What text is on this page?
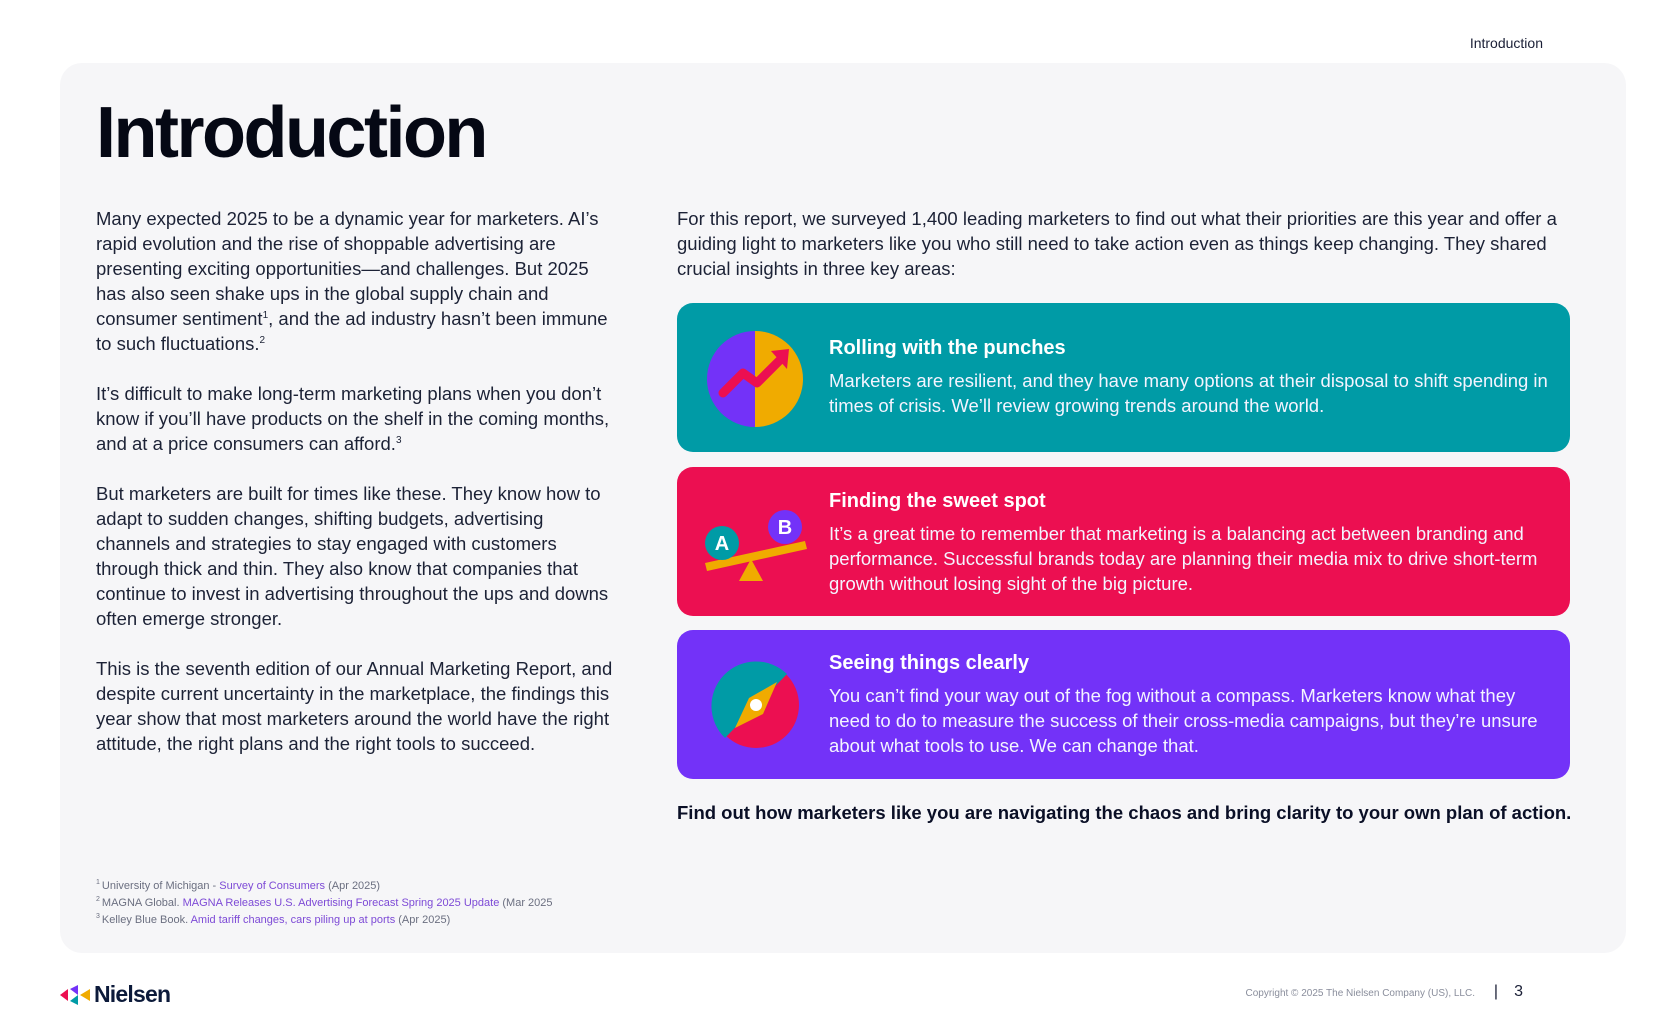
Introduction
Introduction

Many expected 2025 to be a dynamic year for marketers. AI’s rapid evolution and the rise of shoppable advertising are presenting exciting opportunities—and challenges. But 2025 has also seen shake ups in the global supply chain and consumer sentiment$^1$, and the ad industry hasn’t been immune to such fluctuations.$^2$

It’s difficult to make long-term marketing plans when you don’t know if you’ll have products on the shelf in the coming months, and at a price consumers can afford.$^3$

But marketers are built for times like these. They know how to adapt to sudden changes, shifting budgets, advertising channels and strategies to stay engaged with customers through thick and thin. They also know that companies that continue to invest in advertising throughout the ups and downs often emerge stronger.

This is the seventh edition of our Annual Marketing Report, and despite current uncertainty in the marketplace, the findings this year show that most marketers around the world have the right attitude, the right plans and the right tools to succeed.

For this report, we surveyed 1,400 leading marketers to find out what their priorities are this year and offer a guiding light to marketers like you who still need to take action even as things keep changing. They shared crucial insights in three key areas:
Rolling with the punches
Marketers are resilient, and they have many options at their disposal to shift spending in times of crisis. We’ll review growing trends around the world.
A
B
Finding the sweet spot
It’s a great time to remember that marketing is a balancing act between branding and performance. Successful brands today are planning their media mix to drive short-term growth without losing sight of the big picture.
Seeing things clearly
You can’t find your way out of the fog without a compass. Marketers know what they need to do to measure the success of their cross-media campaigns, but they’re unsure about what tools to use. We can change that.
Find out how marketers like you are navigating the chaos and bring clarity to your own plan of action.
$^1$ University of Michigan - Survey of Consumers (Apr 2025)
$^2$ MAGNA Global. MAGNA Releases U.S. Advertising Forecast Spring 2025 Update (Mar 2025
$^3$ Kelley Blue Book. Amid tariff changes, cars piling up at ports (Apr 2025)
Nielsen	Copyright © 2025 The Nielsen Company (US), LLC. | 3
